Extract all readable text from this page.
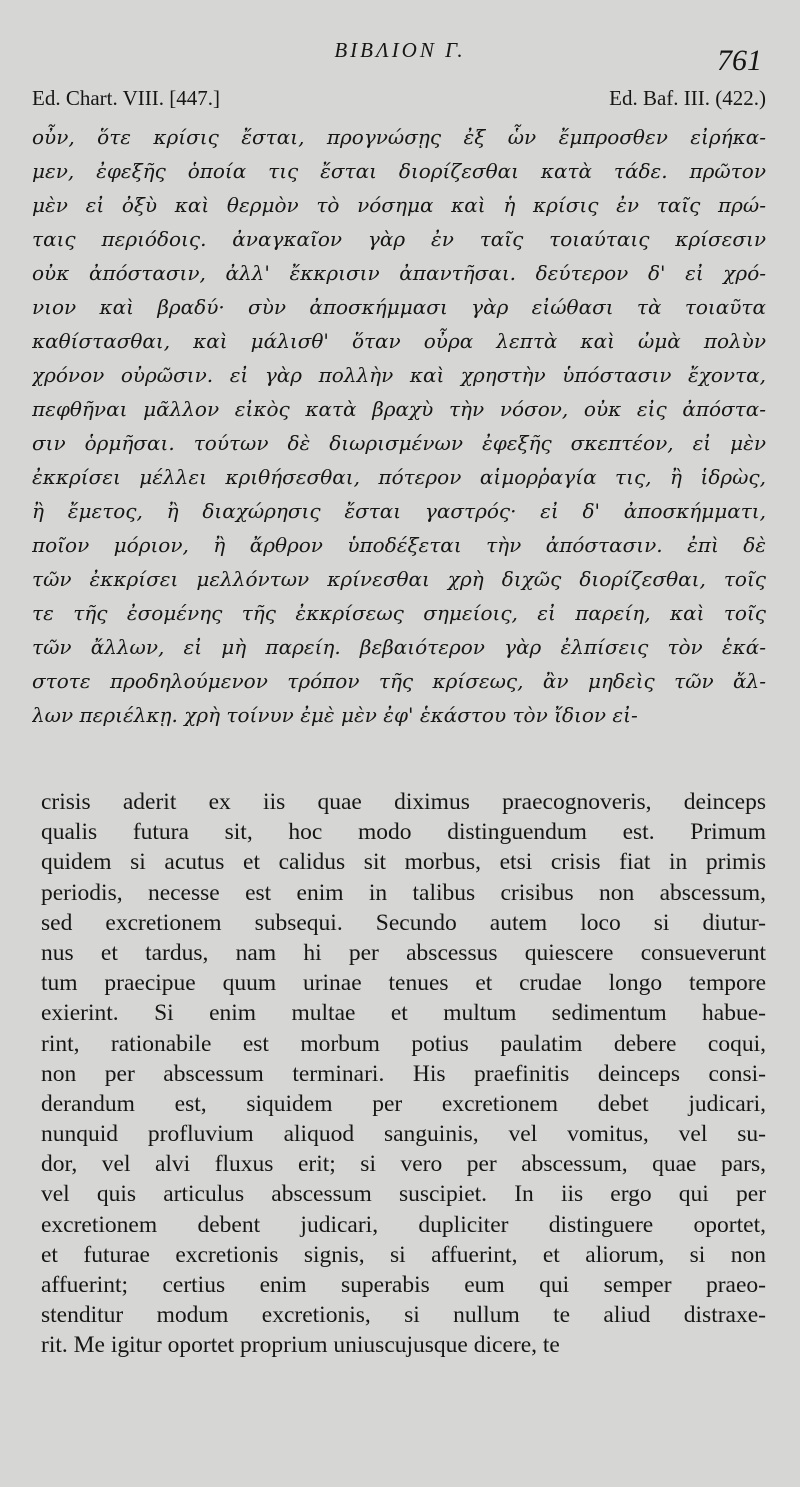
BIBΛΙΟΝ Γ.	761
Ed. Chart. VIII. [447.]	Ed. Baf. III. (422.)
οὖν, ὅτε κρίσις ἔσται, προγνώσῃς ἐξ ὧν ἔμπροσθεν εἰρήκα-
μεν, ἐφεξῆς ὁποία τις ἔσται διορίζεσθαι κατὰ τάδε. πρῶτον
μὲν εἰ ὀξὺ καὶ θερμὸν τὸ νόσημα καὶ ἡ κρίσις ἐν ταῖς πρώ-
ταις περιόδοις. ἀναγκαῖον γὰρ ἐν ταῖς τοιαύταις κρίσεσιν
οὐκ ἀπόστασιν, ἀλλ' ἔκκρισιν ἀπαντῆσαι. δεύτερον δ' εἰ χρό-
νιον καὶ βραδύ· σὺν ἀποσκήμμασι γὰρ εἰώθασι τὰ τοιαῦτα
καθίστασθαι, καὶ μάλισθ' ὅταν οὖρα λεπτὰ καὶ ὠμὰ πολὺν
χρόνον οὐρῶσιν. εἰ γὰρ πολλὴν καὶ χρηστὴν ὑπόστασιν ἔχοντα,
πεφθῆναι μᾶλλον εἰκὸς κατὰ βραχὺ τὴν νόσον, οὐκ εἰς ἀπόστα-
σιν ὁρμῆσαι. τούτων δὲ διωρισμένων ἐφεξῆς σκεπτέον, εἰ μὲν
ἐκκρίσει μέλλει κριθήσεσθαι, πότερον αἱμορῥαγία τις, ἢ ἱδρὼς,
ἢ ἔμετος, ἢ διαχώρησις ἔσται γαστρός· εἰ δ' ἀποσκήμματι,
ποῖον μόριον, ἢ ἄρθρον ὑποδέξεται τὴν ἀπόστασιν. ἐπὶ δὲ
τῶν ἐκκρίσει μελλόντων κρίνεσθαι χρὴ διχῶς διορίζεσθαι, τοῖς
τε τῆς ἐσομένης τῆς ἐκκρίσεως σημείοις, εἰ παρείη, καὶ τοῖς
τῶν ἄλλων, εἰ μὴ παρείη. βεβαιότερον γὰρ ἐλπίσεις τὸν ἑκά-
στοτε προδηλούμενον τρόπον τῆς κρίσεως, ἂν μηδεὶς τῶν ἄλ-
λων περιέλκῃ. χρὴ τοίνυν ἐμὲ μὲν ἐφ' ἑκάστου τὸν ἴδιον εἰ-
crisis aderit ex iis quae diximus praecognoveris, deinceps
qualis futura sit, hoc modo distinguendum est. Primum
quidem si acutus et calidus sit morbus, etsi crisis fiat in primis
periodis, necesse est enim in talibus crisibus non abscessum,
sed excretionem subsequi. Secundo autem loco si diutur-
nus et tardus, nam hi per abscessus quiescere consueverunt
tum praecipue quum urinae tenues et crudae longo tempore
exierint. Si enim multae et multum sedimentum habue-
rint, rationabile est morbum potius paulatim debere coqui,
non per abscessum terminari. His praefinitis deinceps consi-
derandum est, siquidem per excretionem debet judicari,
nunquid profluvium aliquod sanguinis, vel vomitus, vel su-
dor, vel alvi fluxus erit; si vero per abscessum, quae pars,
vel quis articulus abscessum suscipiet. In iis ergo qui per
excretionem debent judicari, dupliciter distinguere oportet,
et futurae excretionis signis, si affuerint, et aliorum, si non
affuerint; certius enim superabis eum qui semper praeo-
stenditur modum excretionis, si nullum te aliud distraxe-
rit. Me igitur oportet proprium uniuscujusque dicere, te
